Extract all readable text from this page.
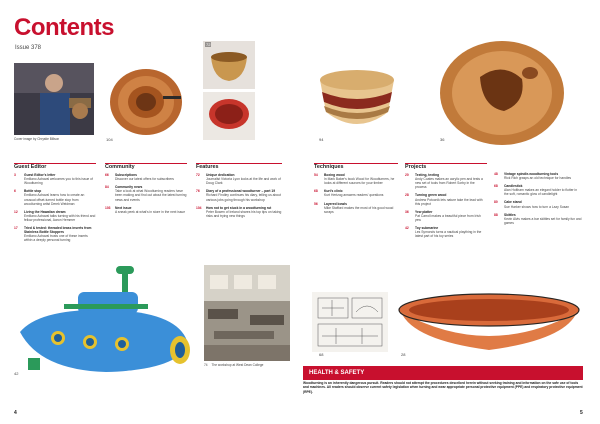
Contents
Issue 378
Cover image by Chrystie Billson	104
72
94	36
Guest Editor
3	Guest Editor's letter
Emiliano Achaval welcomes you to this issue of Woodturning
6	Bottle stop
Emiliano Achaval learns how to create an unusual offset-turned bottle stop from woodturning artist Derek Weidman
12	Living the Hawaiian dream
Emiliano Achaval talks turning with his friend and fellow professional, Aaron Hemmer
17	Tried & tested: threaded brass inserts from Stainless Bottle Stoppers
Emiliano Achaval trusts one of these inserts within a deeply personal turning
Community
66	Subscriptions
Discover our latest offers for subscribers
84	Community news
Take a look at what Woodturning readers have been making and find out about the latest turning news and events
103	Next issue
A sneak peek at what's in store in the next issue
Features
72	Unique dedication
Journalist Victoria Lyon looks at the life and work of Doug Clark
76	Diary of a professional woodturner – part 19
Richard Findley continues his diary, telling us about various jobs going through his workshop
104	How not to get stuck in a woodturning rut
Peter Bowen of Ireland shares his top tips on taking risks and trying new things
Techniques
54	Boxing wood
In Mark Baker's book Wood for Woodturners, he looks at different sources for your timber
68	Kurt's clinic
Kurt Hertzog answers readers' questions
56	Layered bowls
Mike Stafford makes the most of his good wood scraps
Projects
20	Texting, texting
Andy Coates makes an acrylic pen and tests a new set of tools from Robert Sorby in the process
28	Turning green wood
Andrew Potocnik lets nature take the lead with this project
36	Yew platter
Pat Carroll makes a beautiful piece from Irish yew
42	Toy submarine
Les Symonds turns a nautical plaything in the latest part of his toy series
48	Vintage spindle-woodturning tools
Rick Rich grasps an old technique for handles
68	Candlestick
Alan Holtham makes an elegant holder to flutter in the soft, romantic glow of candlelight
80	Cake stand
Sue Harker shows how to turn a Lazy Susan
88	Skittles
Kevin Alvis makes a bar skittles set for family fun and games
42
74 The workshop at West Dean College
68	28
HEALTH & SAFETY
Woodturning is an inherently dangerous pursuit. Readers should not attempt the procedures described herein without seeking training and information on the safe use of tools and machines. All readers should observe current safety legislation when turning and wear appropriate personal protective equipment (PPE) and respiratory protective equipment (RPE).
4	5
